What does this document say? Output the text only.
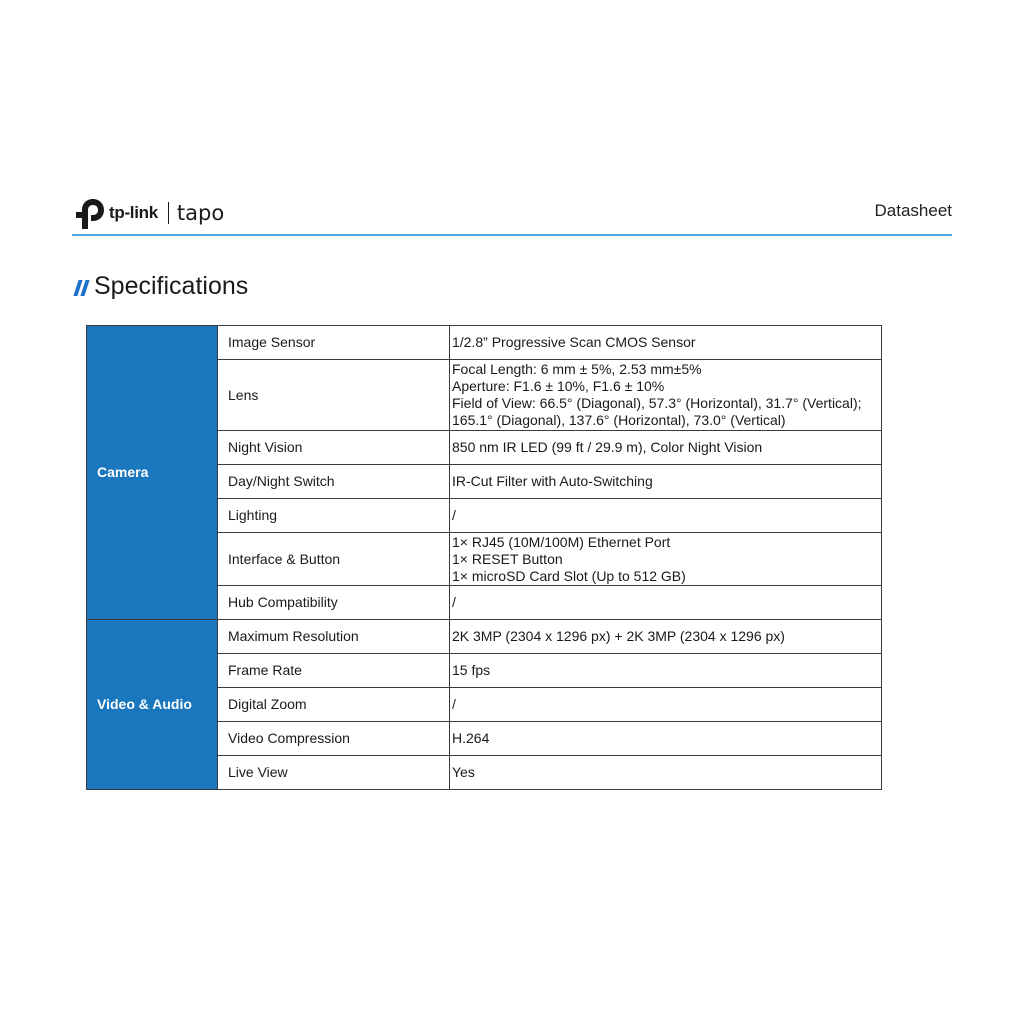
tp-link tapo	Datasheet
Specifications
Camera	Image Sensor	1/2.8” Progressive Scan CMOS Sensor

	Lens	Focal Length: 6 mm ± 5%, 2.53 mm±5%
Aperture: F1.6 ± 10%, F1.6 ± 10%
Field of View: 66.5° (Diagonal), 57.3° (Horizontal), 31.7° (Vertical);
165.1° (Diagonal), 137.6° (Horizontal), 73.0° (Vertical)

	Night Vision	850 nm IR LED (99 ft / 29.9 m), Color Night Vision

	Day/Night Switch	IR-Cut Filter with Auto-Switching

	Lighting	/

	Interface & Button	1× RJ45 (10M/100M) Ethernet Port
1× RESET Button
1× microSD Card Slot (Up to 512 GB)

	Hub Compatibility	/

Video & Audio	Maximum Resolution	2K 3MP (2304 x 1296 px) + 2K 3MP (2304 x 1296 px)

	Frame Rate	15 fps

	Digital Zoom	/

	Video Compression	H.264

	Live View	Yes
